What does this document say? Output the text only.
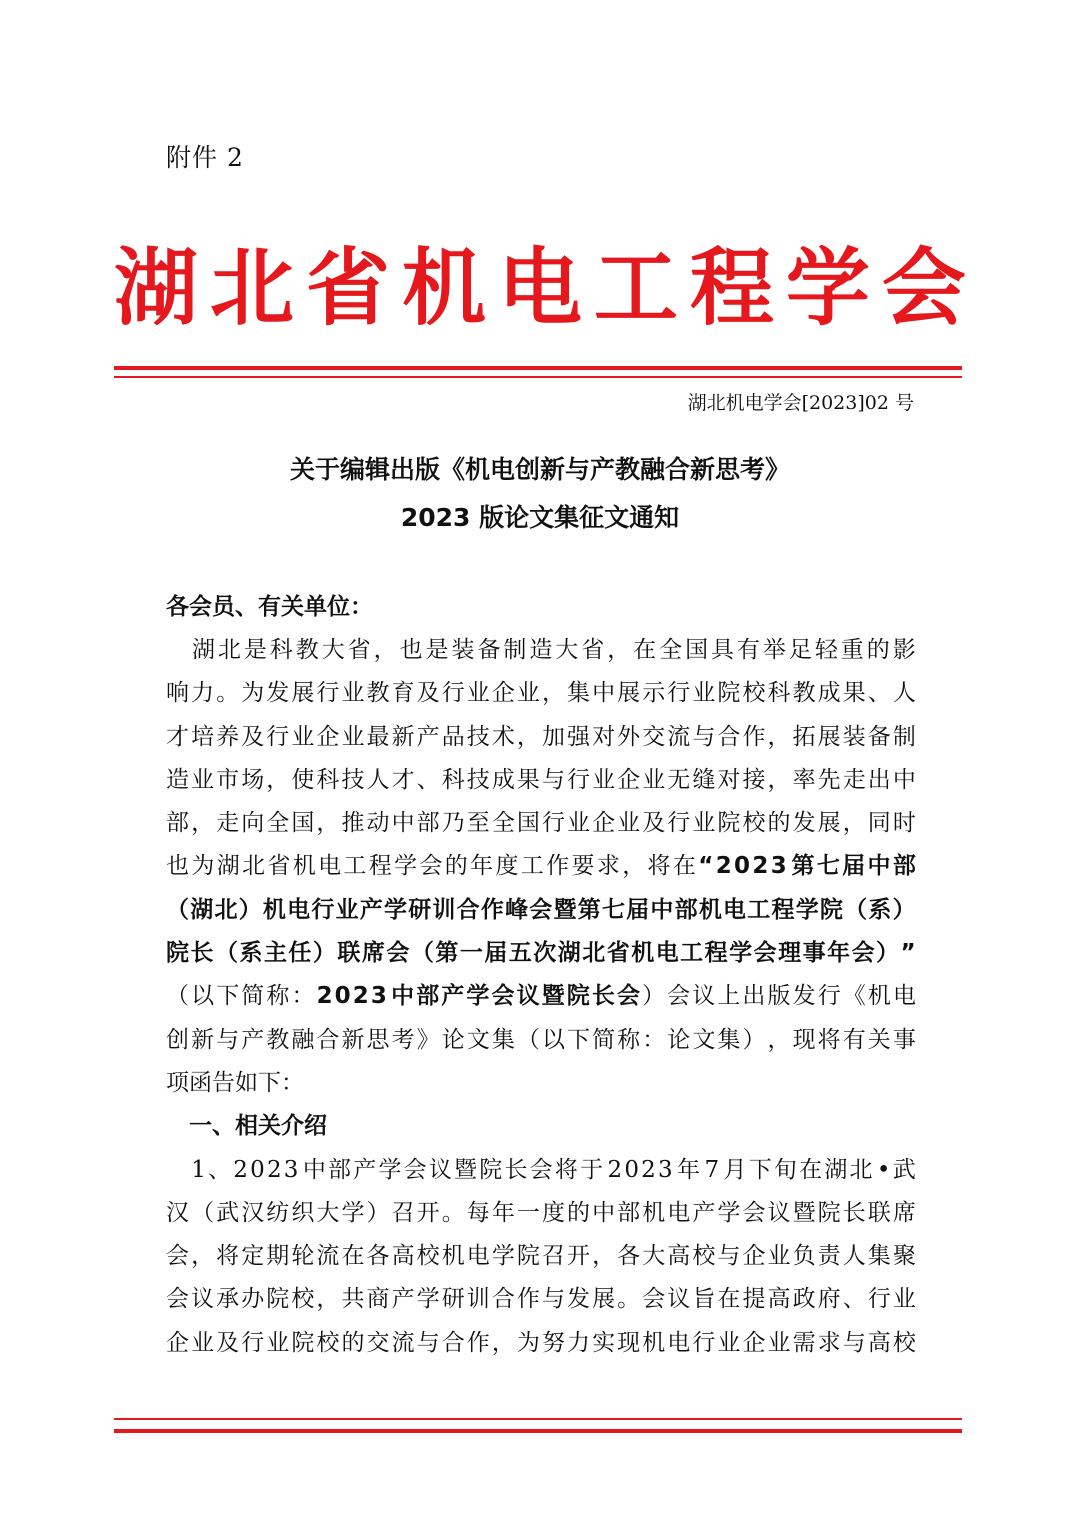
附件 2
湖 北 省 机 电 工 程 学 会
湖北机电学会[2023]02 号
关于编辑出版《机电创新与产教融合新思考》
2023 版论文集征文通知
各会员、有关单位：

湖 北 是 科 教 大 省 ， 也 是 装 备 制 造 大 省 ， 在 全 国 具 有 举 足 轻 重 的 影
响 力 。 为 发 展 行 业 教 育 及 行 业 企 业 ， 集 中 展 示 行 业 院 校 科 教 成 果 、 人
才 培 养 及 行 业 企 业 最 新 产 品 技 术 ， 加 强 对 外 交 流 与 合 作 ， 拓 展 装 备 制
造 业 市 场 ， 使 科 技 人 才 、 科 技 成 果 与 行 业 企 业 无 缝 对 接 ， 率 先 走 出 中
部 ， 走 向 全 国 ， 推 动 中 部 乃 至 全 国 行 业 企 业 及 行 业 院 校 的 发 展 ， 同 时
也 为 湖 北 省 机 电 工 程 学 会 的 年 度 工 作 要 求 ， 将 在 “ 2 0 2 3 第 七 届 中 部
（ 湖 北 ） 机 电 行 业 产 学 研 训 合 作 峰 会 暨 第 七 届 中 部 机 电 工 程 学 院 （ 系 ）
院 长 （ 系 主 任 ） 联 席 会 （ 第 一 届 五 次 湖 北 省 机 电 工 程 学 会 理 事 年 会 ） ”
（ 以 下 简 称 ： 2 0 2 3 中 部 产 学 会 议 暨 院 长 会 ） 会 议 上 出 版 发 行 《 机 电
创 新 与 产 教 融 合 新 思 考 》 论 文 集 （ 以 下 简 称 ： 论 文 集 ） ， 现 将 有 关 事
项 函 告 如 下 ：

一 、 相 关 介 绍

1 、 2 0 2 3 中 部 产 学 会 议 暨 院 长 会 将 于 2 0 2 3 年 7 月 下 旬 在 湖 北 • 武
汉 （ 武 汉 纺 织 大 学 ） 召 开 。 每 年 一 度 的 中 部 机 电 产 学 会 议 暨 院 长 联 席
会 ， 将 定 期 轮 流 在 各 高 校 机 电 学 院 召 开 ， 各 大 高 校 与 企 业 负 责 人 集 聚
会 议 承 办 院 校 ， 共 商 产 学 研 训 合 作 与 发 展 。 会 议 旨 在 提 高 政 府 、 行 业
企 业 及 行 业 院 校 的 交 流 与 合 作 ， 为 努 力 实 现 机 电 行 业 企 业 需 求 与 高 校
